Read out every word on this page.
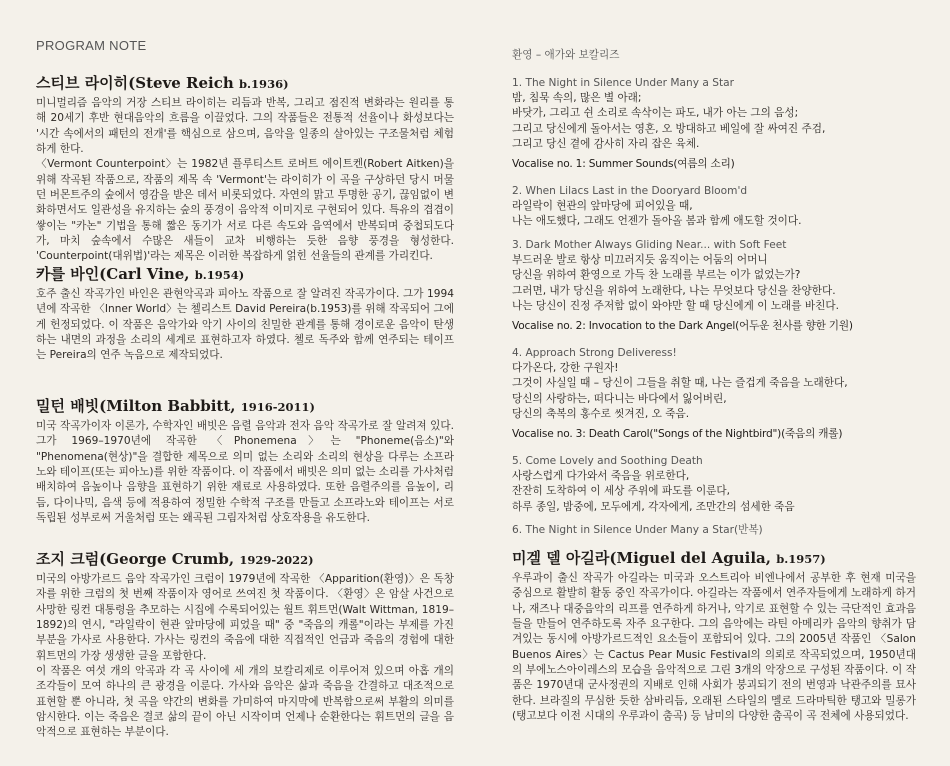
PROGRAM NOTE
스티브 라이히(Steve Reich b.1936)

미니멀리즘 음악의 거장 스티브 라이히는 리듬과 반복, 그리고 점진적 변화라는 원리를 통해 20세기 후반 현대음악의 흐름을 이끌었다. 그의 작품들은 전통적 선율이나 화성보다는 '시간 속에서의 패턴의 전개'를 핵심으로 삼으며, 음악을 일종의 살아있는 구조물처럼 체험하게 한다.

〈Vermont Counterpoint〉는 1982년 플루티스트 로버트 에이트켄(Robert Aitken)을 위해 작곡된 작품으로, 작품의 제목 속 'Vermont'는 라이히가 이 곡을 구상하던 당시 머물던 버몬트주의 숲에서 영감을 받은 데서 비롯되었다. 자연의 맑고 투명한 공기, 끊임없이 변화하면서도 일관성을 유지하는 숲의 풍경이 음악적 이미지로 구현되어 있다. 특유의 겹겹이 쌓이는 "카논" 기법을 통해 짧은 동기가 서로 다른 속도와 음역에서 반복되며 중첩되도다가, 마치 숲속에서 수많은 새들이 교차 비행하는 듯한 음향 풍경을 형성한다. 'Counterpoint(대위법)'라는 제목은 이러한 복잡하게 얽힌 선율들의 관계를 가리킨다.

카를 바인(Carl Vine, b.1954)

호주 출신 작곡가인 바인은 관현악곡과 피아노 작품으로 잘 알려진 작곡가이다. 그가 1994년에 작곡한 〈Inner World〉는 첼리스트 David Pereira(b.1953)를 위해 작곡되어 그에게 헌정되었다. 이 작품은 음악가와 악기 사이의 친밀한 관계를 통해 경이로운 음악이 탄생하는 내면의 과정을 소리의 세계로 표현하고자 하였다. 첼로 독주와 함께 연주되는 테이프는 Pereira의 연주 녹음으로 제작되었다.

밀턴 배빗(Milton Babbitt, 1916-2011)

미국 작곡가이자 이론가, 수학자인 배빗은 음렬 음악과 전자 음악 작곡가로 잘 알려져 있다. 그가 1969–1970년에 작곡한 〈Phonemena〉는 "Phoneme(음소)"와 "Phenomena(현상)"을 결합한 제목으로 의미 없는 소리와 소리의 현상을 다루는 소프라노와 테이프(또는 피아노)를 위한 작품이다. 이 작품에서 배빗은 의미 없는 소리를 가사처럼 배치하여 음높이나 음향을 표현하기 위한 재료로 사용하였다. 또한 음렬주의를 음높이, 리듬, 다이나믹, 음색 등에 적용하여 정밀한 수학적 구조를 만들고 소프라노와 테이프는 서로 독립된 성부로써 거울처럼 또는 왜곡된 그림자처럼 상호작용을 유도한다.

조지 크럼(George Crumb, 1929-2022)

미국의 아방가르드 음악 작곡가인 크럼이 1979년에 작곡한 〈Apparition(환영)〉은 독창자를 위한 크럼의 첫 번째 작품이자 영어로 쓰여진 첫 작품이다. 〈환영〉은 암살 사건으로 사망한 링컨 대통령을 추모하는 시집에 수록되어있는 월트 휘트먼(Walt Wittman, 1819–1892)의 연시, "라일락이 현관 앞마당에 피었을 때" 중 "죽음의 캐롤"이라는 부제를 가진 부분을 가사로 사용한다. 가사는 링컨의 죽음에 대한 직접적인 언급과 죽음의 경험에 대한 휘트먼의 가장 생생한 글을 포함한다.

이 작품은 여섯 개의 악곡과 각 곡 사이에 세 개의 보칼리제로 이루어져 있으며 아홉 개의 조각들이 모여 하나의 큰 광경을 이룬다. 가사와 음악은 삶과 죽음을 간결하고 대조적으로 표현할 뿐 아니라, 첫 곡을 약간의 변화를 가미하여 마지막에 반복함으로써 부활의 의미를 암시한다. 이는 죽음은 결코 삶의 끝이 아닌 시작이며 언제나 순환한다는 휘트먼의 글을 음악적으로 표현하는 부분이다.

환영 – 애가와 보칼리즈

1. The Night in Silence Under Many a Star

밤, 침묵 속의, 많은 별 아래;

바닷가, 그리고 쉰 소리로 속삭이는 파도, 내가 아는 그의 음성;

그리고 당신에게 돌아서는 영혼, 오 방대하고 베일에 잘 싸여진 주검,

그리고 당신 곁에 감사히 자리 잡은 육체.

Vocalise no. 1: Summer Sounds(여름의 소리)

2. When Lilacs Last in the Dooryard Bloom'd

라일락이 현관의 앞마당에 피어있을 때,

나는 애도했다, 그래도 언젠가 돌아올 봄과 함께 애도할 것이다.

3. Dark Mother Always Gliding Near... with Soft Feet

부드러운 발로 항상 미끄러지듯 움직이는 어둠의 어머니

당신을 위하여 환영으로 가득 찬 노래를 부르는 이가 없었는가?

그러면, 내가 당신을 위하여 노래한다, 나는 무엇보다 당신을 찬양한다.

나는 당신이 진정 주저함 없이 와야만 할 때 당신에게 이 노래를 바친다.

Vocalise no. 2: Invocation to the Dark Angel(어두운 천사를 향한 기원)

4. Approach Strong Deliveress!

다가온다, 강한 구원자!

그것이 사실일 때 – 당신이 그들을 취할 때, 나는 즐겁게 죽음을 노래한다,

당신의 사랑하는, 떠다니는 바다에서 잃어버린,

당신의 축복의 홍수로 씻겨진, 오 죽음.

Vocalise no. 3: Death Carol("Songs of the Nightbird")(죽음의 캐롤)

5. Come Lovely and Soothing Death

사랑스럽게 다가와서 죽음을 위로한다,

잔잔히 도착하여 이 세상 주위에 파도를 이룬다,

하루 종일, 밤중에, 모두에게, 각자에게, 조만간의 섬세한 죽음

6. The Night in Silence Under Many a Star(반복)

미겔 델 아길라(Miguel del Aguila, b.1957)

우루과이 출신 작곡가 아길라는 미국과 오스트리아 비엔나에서 공부한 후 현재 미국을 중심으로 활발히 활동 중인 작곡가이다. 아길라는 작품에서 연주자들에게 노래하게 하거나, 재즈나 대중음악의 리프를 연주하게 하거나, 악기로 표현할 수 있는 극단적인 효과음들을 만들어 연주하도록 자주 요구한다. 그의 음악에는 라틴 아메리카 음악의 향취가 담겨있는 동시에 아방가르드적인 요소들이 포함되어 있다. 그의 2005년 작품인 〈Salon Buenos Aires〉는 Cactus Pear Music Festival의 의뢰로 작곡되었으며, 1950년대의 부에노스아이레스의 모습을 음악적으로 그린 3개의 악장으로 구성된 작품이다. 이 작품은 1970년대 군사정권의 지배로 인해 사회가 붕괴되기 전의 번영과 낙관주의를 묘사한다. 브라질의 무심한 듯한 삼바리듬, 오래된 스타일의 멜로 드라마틱한 탱고와 밀롱가(탱고보다 이전 시대의 우루과이 춤곡) 등 남미의 다양한 춤곡이 곡 전체에 사용되었다.
